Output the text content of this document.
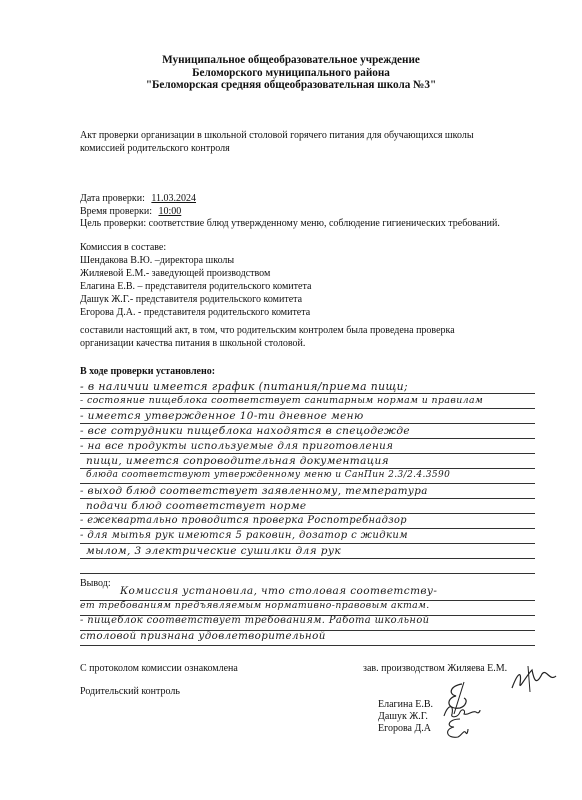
Муниципальное общеобразовательное учреждение
Беломорского муниципального района
"Беломорская средняя общеобразовательная школа №3"
Акт проверки организации в школьной столовой горячего питания для обучающихся школы
комиссией родительского контроля
Дата проверки: 11.03.2024
Время проверки: 10:00
Цель проверки: соответствие блюд утвержденному меню, соблюдение гигиенических требований.
Комиссия в составе:
Шендакова В.Ю. –директора школы
Жиляевой Е.М.- заведующей производством
Елагина Е.В. – представителя родительского комитета
Дашук Ж.Г.- представителя родительского комитета
Егорова Д.А. - представителя родительского комитета
составили настоящий акт, в том, что родительским контролем была проведена проверка
организации качества питания в школьной столовой.
В ходе проверки установлено:
- в наличии имеется график (питания/приема пищи;
- состояние пищеблока соответствует санитарным нормам и правилам
- имеется утвержденное 10-ти дневное меню
- все сотрудники пищеблока находятся в спецодежде
- на все продукты используемые для приготовления
пищи, имеется сопроводительная документация
блюда соответствуют утвержденному меню и СанПин 2.3/2.4.3590
- выход блюд соответствует заявленному, температура
подачи блюд соответствует норме
- ежеквартально проводится проверка Роспотребнадзор
- для мытья рук имеются 5 раковин, дозатор с жидким
мылом, 3 электрические сушилки для рук
Вывод:
Комиссия установила, что столовая соответству-
ет требованиям предъявляемым нормативно-правовым актам.
- пищеблок соответствует требованиям. Работа школьной
столовой признана удовлетворительной
С протоколом комиссии ознакомлена	зав. производством Жиляева Е.М.
Родительский контроль
Елагина Е.В.
Дашук Ж.Г.
Егорова Д.А
